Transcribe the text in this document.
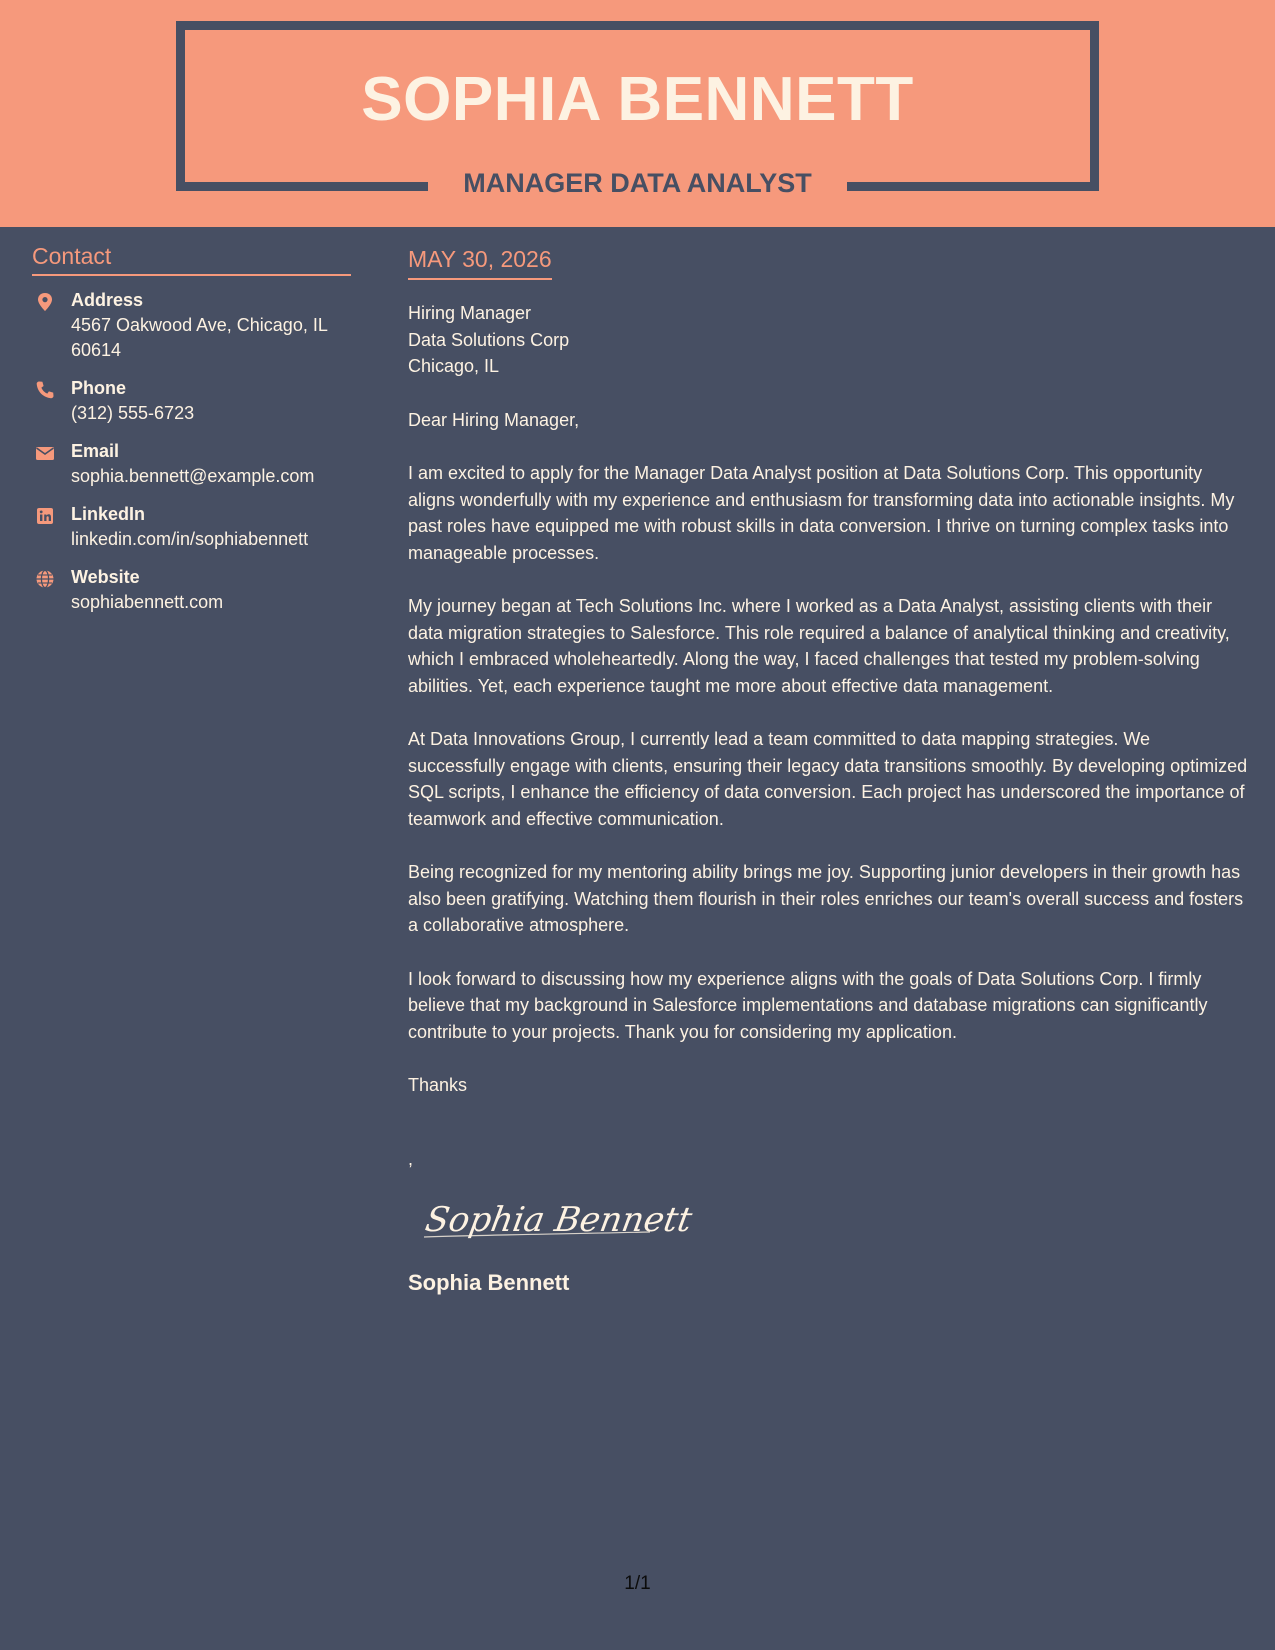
SOPHIA BENNETT
MANAGER DATA ANALYST
Contact
Address
4567 Oakwood Ave, Chicago, IL 60614
Phone
(312) 555-6723
Email
sophia.bennett@example.com
LinkedIn
linkedin.com/in/sophiabennett
Website
sophiabennett.com
MAY 30, 2026
Hiring Manager
Data Solutions Corp
Chicago, IL

Dear Hiring Manager,

I am excited to apply for the Manager Data Analyst position at Data Solutions Corp. This opportunity aligns wonderfully with my experience and enthusiasm for transforming data into actionable insights. My past roles have equipped me with robust skills in data conversion. I thrive on turning complex tasks into manageable processes.

My journey began at Tech Solutions Inc. where I worked as a Data Analyst, assisting clients with their data migration strategies to Salesforce. This role required a balance of analytical thinking and creativity, which I embraced wholeheartedly. Along the way, I faced challenges that tested my problem-solving abilities. Yet, each experience taught me more about effective data management.

At Data Innovations Group, I currently lead a team committed to data mapping strategies. We successfully engage with clients, ensuring their legacy data transitions smoothly. By developing optimized SQL scripts, I enhance the efficiency of data conversion. Each project has underscored the importance of teamwork and effective communication.

Being recognized for my mentoring ability brings me joy. Supporting junior developers in their growth has also been gratifying. Watching them flourish in their roles enriches our team's overall success and fosters a collaborative atmosphere.

I look forward to discussing how my experience aligns with the goals of Data Solutions Corp. I firmly believe that my background in Salesforce implementations and database migrations can significantly contribute to your projects. Thank you for considering my application.

Thanks

,
Sophia Bennett
Sophia Bennett
1/1
